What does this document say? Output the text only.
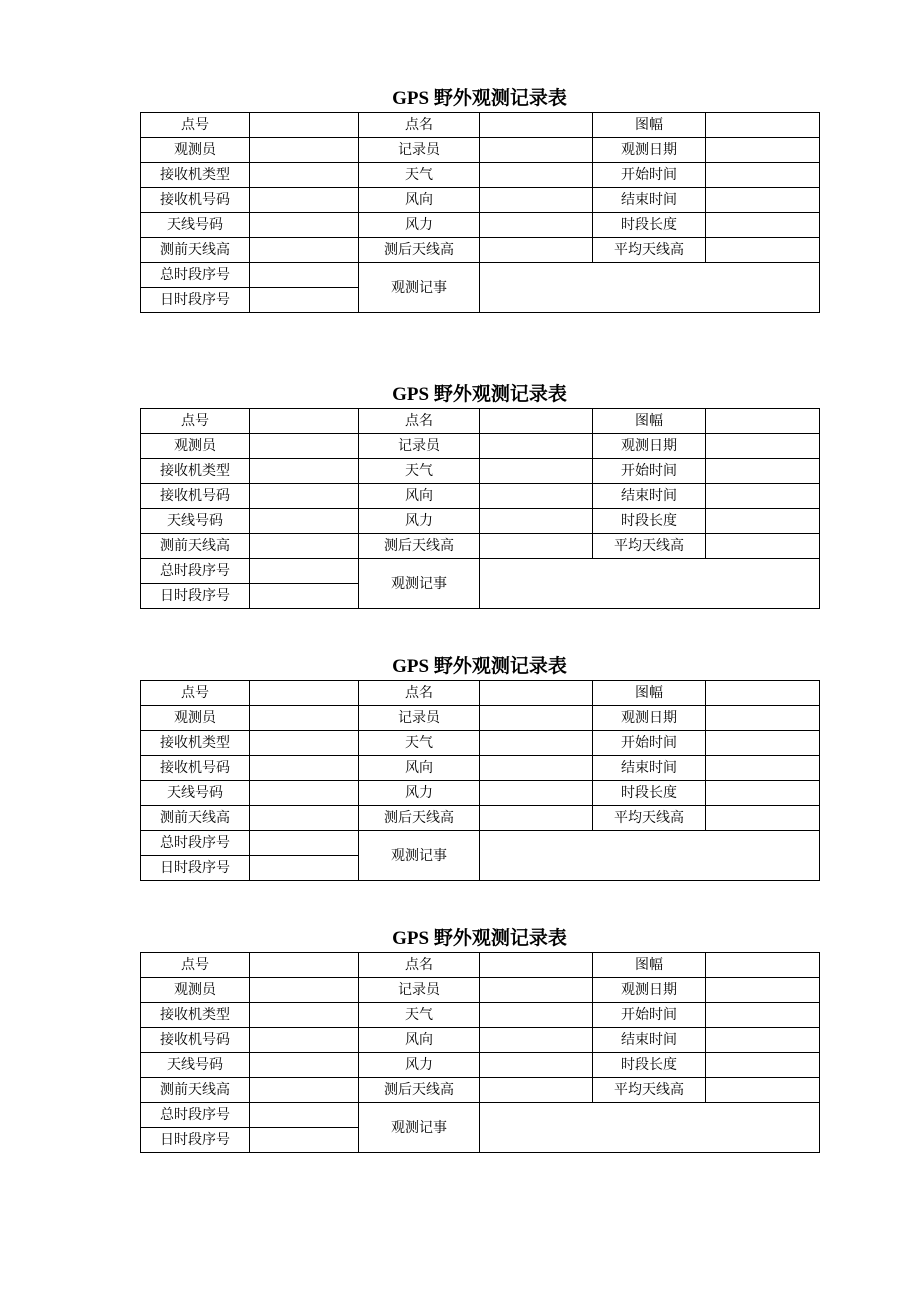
GPS 野外观测记录表
点号		点名		图幅	
观测员		记录员		观测日期	
接收机类型		天气		开始时间	
接收机号码		风向		结束时间	
天线号码		风力		时段长度	
测前天线高		测后天线高		平均天线高	
总时段序号		观测记事			
日时段序号					
GPS 野外观测记录表
点号		点名		图幅	
观测员		记录员		观测日期	
接收机类型		天气		开始时间	
接收机号码		风向		结束时间	
天线号码		风力		时段长度	
测前天线高		测后天线高		平均天线高	
总时段序号		观测记事			
日时段序号					
GPS 野外观测记录表
点号		点名		图幅	
观测员		记录员		观测日期	
接收机类型		天气		开始时间	
接收机号码		风向		结束时间	
天线号码		风力		时段长度	
测前天线高		测后天线高		平均天线高	
总时段序号		观测记事			
日时段序号					
GPS 野外观测记录表
点号		点名		图幅	
观测员		记录员		观测日期	
接收机类型		天气		开始时间	
接收机号码		风向		结束时间	
天线号码		风力		时段长度	
测前天线高		测后天线高		平均天线高	
总时段序号		观测记事			
日时段序号					
